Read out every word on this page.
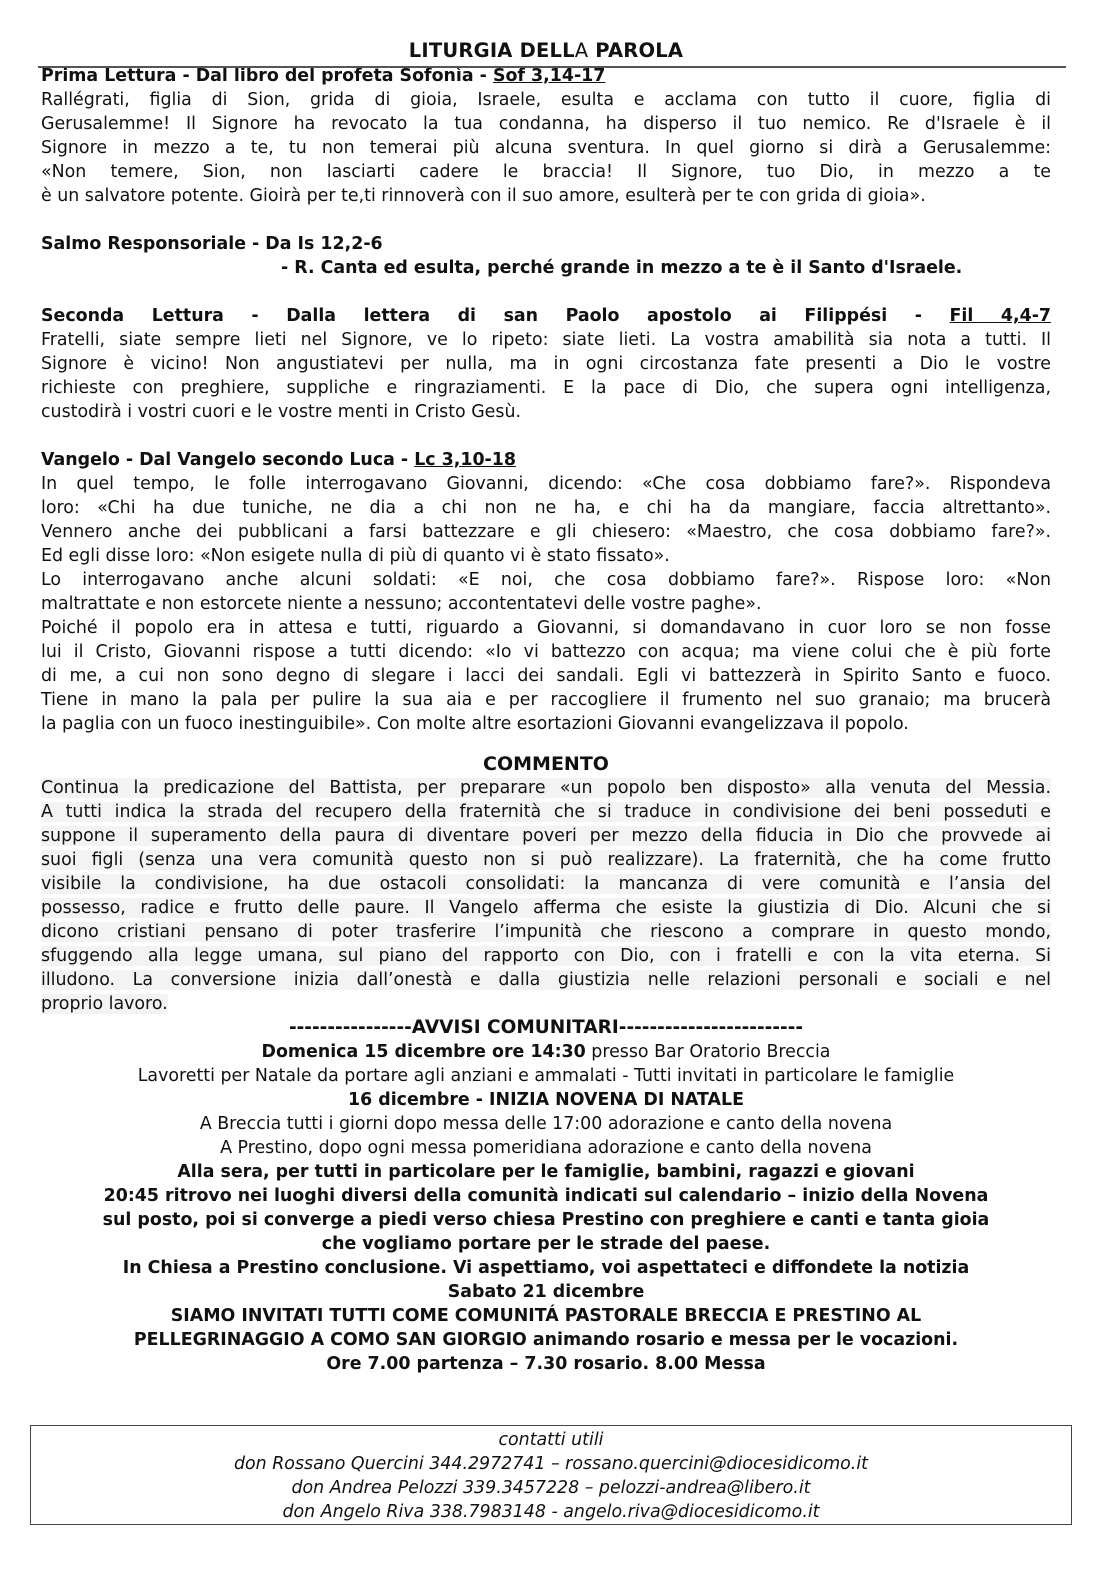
LITURGIA DELLA PAROLA
Prima Lettura - Dal libro del profeta Sofonìa - Sof 3,14-17
Rallégrati, figlia di Sion, grida di gioia, Israele, esulta e acclama con tutto il cuore, figlia di
Gerusalemme! Il Signore ha revocato la tua condanna, ha disperso il tuo nemico. Re d'Israele è il
Signore in mezzo a te, tu non temerai più alcuna sventura. In quel giorno si dirà a Gerusalemme:
«Non temere, Sion, non lasciarti cadere le braccia! Il Signore, tuo Dio, in mezzo a te
è un salvatore potente. Gioirà per te,ti rinnoverà con il suo amore, esulterà per te con grida di gioia».
Salmo Responsoriale - Da Is 12,2-6
- R. Canta ed esulta, perché grande in mezzo a te è il Santo d'Israele.
Seconda Lettura - Dalla lettera di san Paolo apostolo ai Filippési - Fil 4,4-7
Fratelli, siate sempre lieti nel Signore, ve lo ripeto: siate lieti. La vostra amabilità sia nota a tutti. Il
Signore è vicino! Non angustiatevi per nulla, ma in ogni circostanza fate presenti a Dio le vostre
richieste con preghiere, suppliche e ringraziamenti. E la pace di Dio, che supera ogni intelligenza,
custodirà i vostri cuori e le vostre menti in Cristo Gesù.
Vangelo - Dal Vangelo secondo Luca - Lc 3,10-18
In quel tempo, le folle interrogavano Giovanni, dicendo: «Che cosa dobbiamo fare?». Rispondeva
loro: «Chi ha due tuniche, ne dia a chi non ne ha, e chi ha da mangiare, faccia altrettanto».
Vennero anche dei pubblicani a farsi battezzare e gli chiesero: «Maestro, che cosa dobbiamo fare?».
Ed egli disse loro: «Non esigete nulla di più di quanto vi è stato fissato».
Lo interrogavano anche alcuni soldati: «E noi, che cosa dobbiamo fare?». Rispose loro: «Non
maltrattate e non estorcete niente a nessuno; accontentatevi delle vostre paghe».
Poiché il popolo era in attesa e tutti, riguardo a Giovanni, si domandavano in cuor loro se non fosse
lui il Cristo, Giovanni rispose a tutti dicendo: «Io vi battezzo con acqua; ma viene colui che è più forte
di me, a cui non sono degno di slegare i lacci dei sandali. Egli vi battezzerà in Spirito Santo e fuoco.
Tiene in mano la pala per pulire la sua aia e per raccogliere il frumento nel suo granaio; ma brucerà
la paglia con un fuoco inestinguibile». Con molte altre esortazioni Giovanni evangelizzava il popolo.
COMMENTO
Continua la predicazione del Battista, per preparare «un popolo ben disposto» alla venuta del Messia.
A tutti indica la strada del recupero della fraternità che si traduce in condivisione dei beni posseduti e
suppone il superamento della paura di diventare poveri per mezzo della fiducia in Dio che provvede ai
suoi figli (senza una vera comunità questo non si può realizzare). La fraternità, che ha come frutto
visibile la condivisione, ha due ostacoli consolidati: la mancanza di vere comunità e l’ansia del
possesso, radice e frutto delle paure. Il Vangelo afferma che esiste la giustizia di Dio. Alcuni che si
dicono cristiani pensano di poter trasferire l’impunità che riescono a comprare in questo mondo,
sfuggendo alla legge umana, sul piano del rapporto con Dio, con i fratelli e con la vita eterna. Si
illudono. La conversione inizia dall’onestà e dalla giustizia nelle relazioni personali e sociali e nel
proprio lavoro.
----------------AVVISI COMUNITARI------------------------
Domenica 15 dicembre ore 14:30 presso Bar Oratorio Breccia
Lavoretti per Natale da portare agli anziani e ammalati - Tutti invitati in particolare le famiglie
16 dicembre - INIZIA NOVENA DI NATALE
A Breccia tutti i giorni dopo messa delle 17:00 adorazione e canto della novena
A Prestino, dopo ogni messa pomeridiana adorazione e canto della novena
Alla sera, per tutti in particolare per le famiglie, bambini, ragazzi e giovani
20:45 ritrovo nei luoghi diversi della comunità indicati sul calendario – inizio della Novena
sul posto, poi si converge a piedi verso chiesa Prestino con preghiere e canti e tanta gioia
che vogliamo portare per le strade del paese.
In Chiesa a Prestino conclusione. Vi aspettiamo, voi aspettateci e diffondete la notizia
Sabato 21 dicembre
SIAMO INVITATI TUTTI COME COMUNITÁ PASTORALE BRECCIA E PRESTINO AL
PELLEGRINAGGIO A COMO SAN GIORGIO animando rosario e messa per le vocazioni.
Ore 7.00 partenza – 7.30 rosario. 8.00 Messa
contatti utili
don Rossano Quercini 344.2972741 – rossano.quercini@diocesidicomo.it
don Andrea Pelozzi 339.3457228 – pelozzi-andrea@libero.it
don Angelo Riva 338.7983148 - angelo.riva@diocesidicomo.it
